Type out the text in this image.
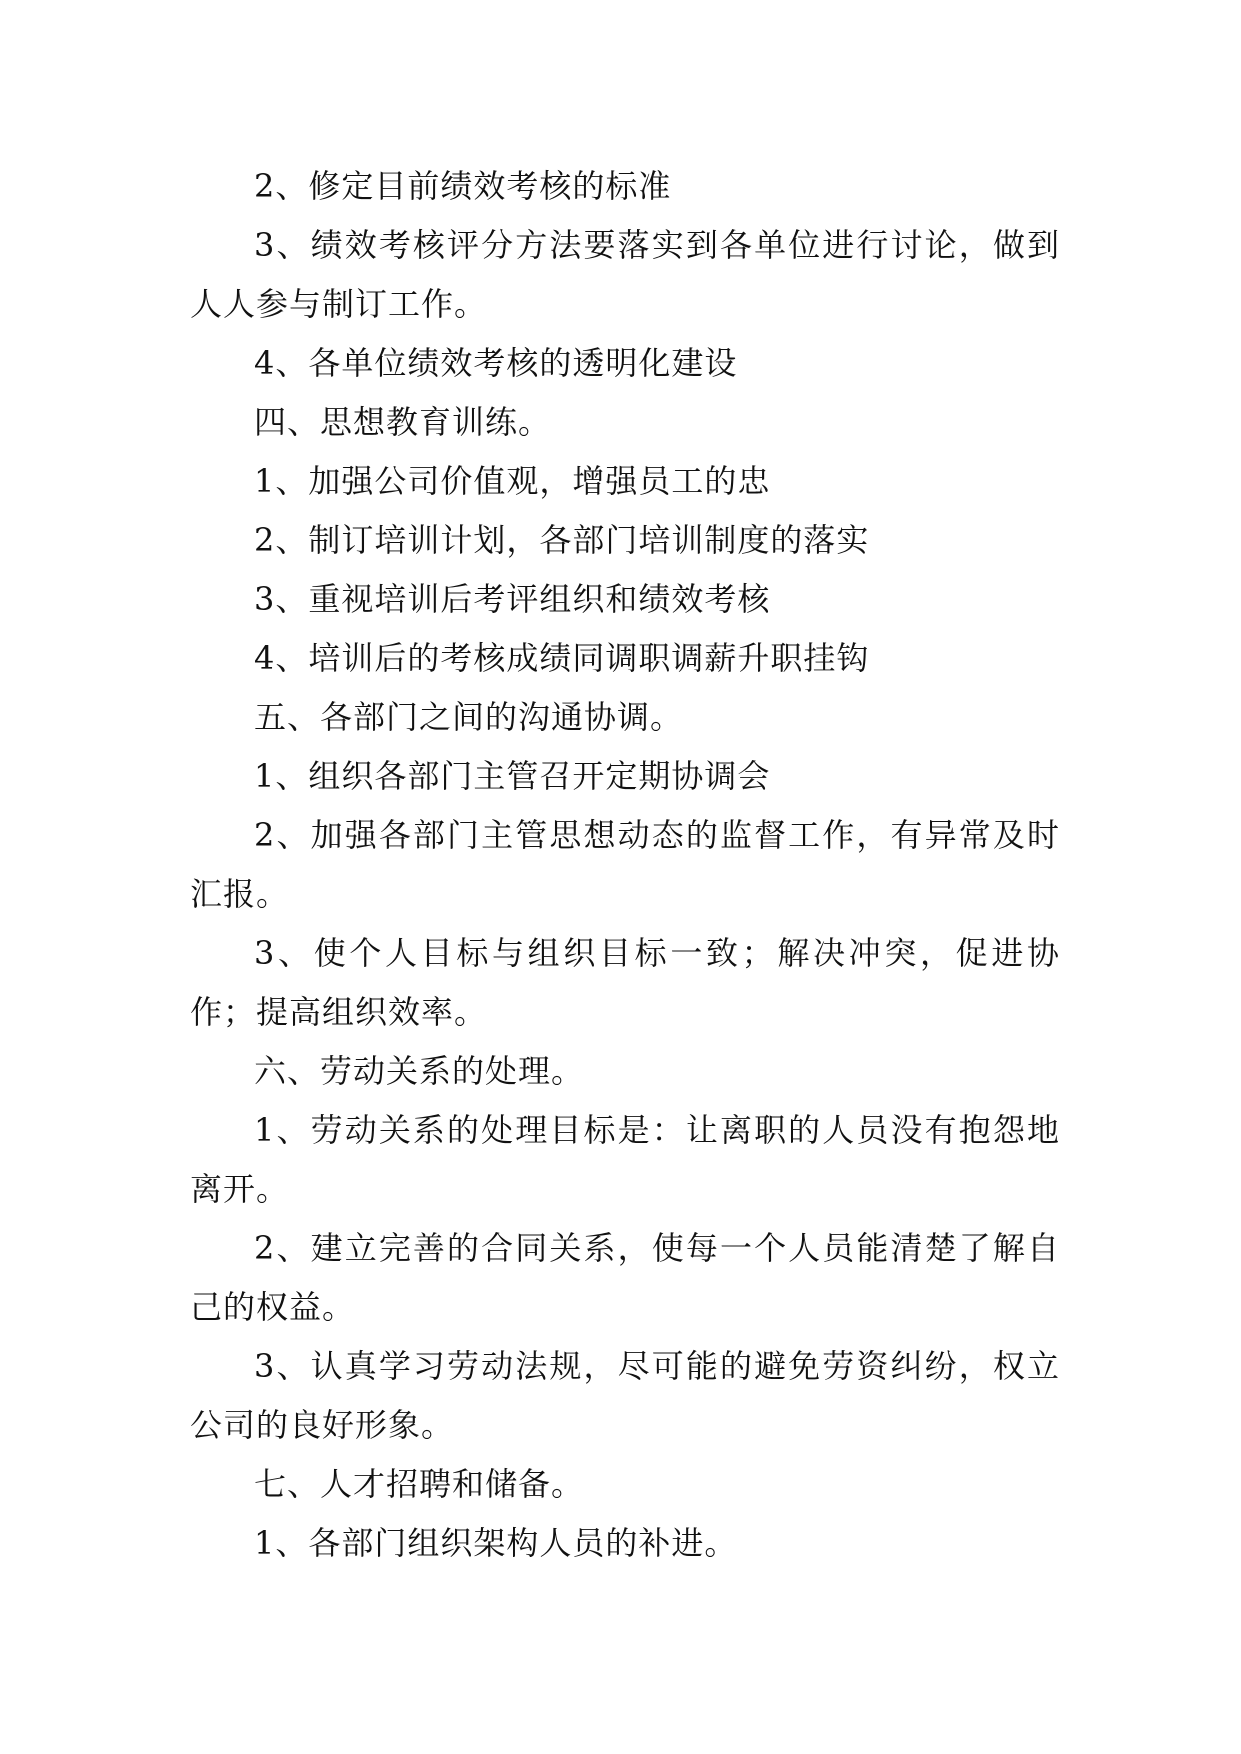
2、修定目前绩效考核的标准

3、绩效考核评分方法要落实到各单位进行讨论，做到人人参与制订工作。

4、各单位绩效考核的透明化建设

四、思想教育训练。

1、加强公司价值观，增强员工的忠

2、制订培训计划，各部门培训制度的落实

3、重视培训后考评组织和绩效考核

4、培训后的考核成绩同调职调薪升职挂钩

五、各部门之间的沟通协调。

1、组织各部门主管召开定期协调会

2、加强各部门主管思想动态的监督工作，有异常及时汇报。

3、使个人目标与组织目标一致；解决冲突，促进协作；提高组织效率。

六、劳动关系的处理。

1、劳动关系的处理目标是：让离职的人员没有抱怨地离开。

2、建立完善的合同关系，使每一个人员能清楚了解自己的权益。

3、认真学习劳动法规，尽可能的避免劳资纠纷，权立公司的良好形象。

七、人才招聘和储备。

1、各部门组织架构人员的补进。
